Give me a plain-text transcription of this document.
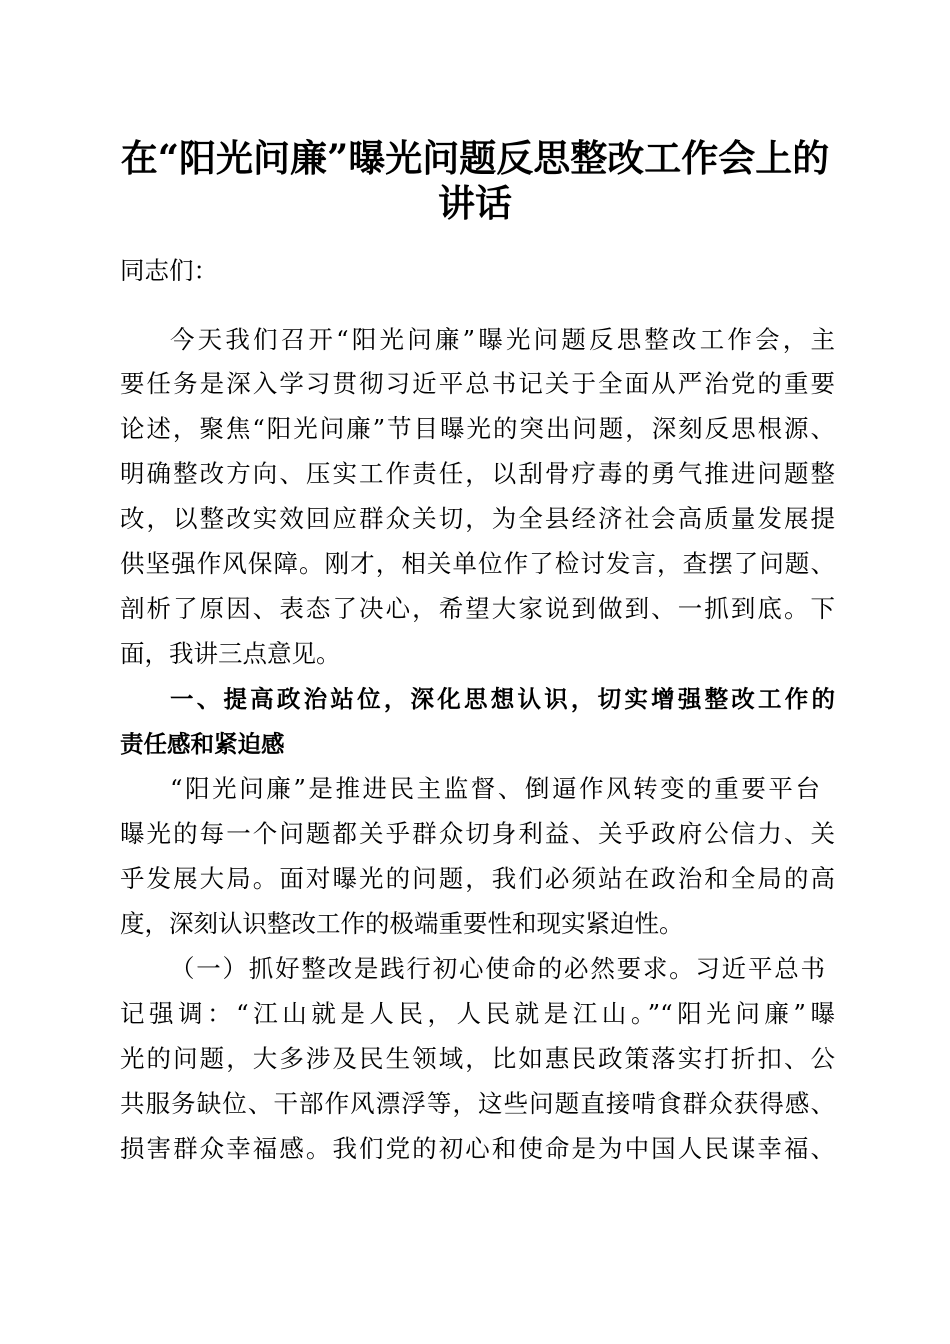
在“阳光问廉”曝光问题反思整改工作会上的
讲话

同志们：

今天我们召开“阳光问廉”曝光问题反思整改工作会，主

要任务是深入学习贯彻习近平总书记关于全面从严治党的重要

论述，聚焦“阳光问廉”节目曝光的突出问题，深刻反思根源、

明确整改方向、压实工作责任，以刮骨疗毒的勇气推进问题整

改，以整改实效回应群众关切，为全县经济社会高质量发展提

供坚强作风保障。刚才，相关单位作了检讨发言，查摆了问题、

剖析了原因、表态了决心，希望大家说到做到、一抓到底。下

面，我讲三点意见。

一、提高政治站位，深化思想认识，切实增强整改工作的

责任感和紧迫感

“阳光问廉”是推进民主监督、倒逼作风转变的重要平台

曝光的每一个问题都关乎群众切身利益、关乎政府公信力、关

乎发展大局。面对曝光的问题，我们必须站在政治和全局的高

度，深刻认识整改工作的极端重要性和现实紧迫性。

（一）抓好整改是践行初心使命的必然要求。习近平总书

记强调：“江山就是人民，人民就是江山。”“阳光问廉”曝

光的问题，大多涉及民生领域，比如惠民政策落实打折扣、公

共服务缺位、干部作风漂浮等，这些问题直接啃食群众获得感、

损害群众幸福感。我们党的初心和使命是为中国人民谋幸福、
